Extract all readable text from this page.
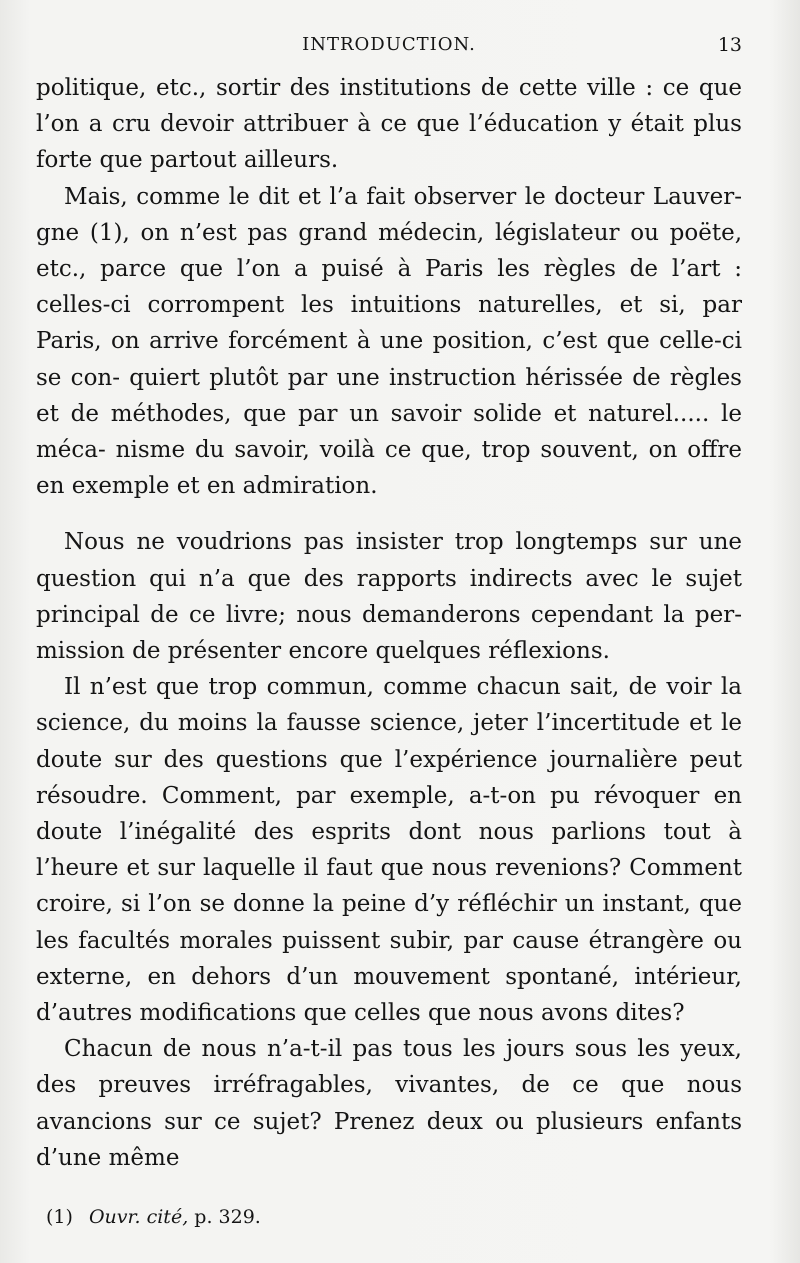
INTRODUCTION.	13

politique, etc., sortir des institutions de cette ville : ce que l’on a cru devoir attribuer à ce que l’éducation y était plus forte que partout ailleurs.

Mais, comme le dit et l’a fait observer le docteur Lauver- gne (1), on n’est pas grand médecin, législateur ou poëte, etc., parce que l’on a puisé à Paris les règles de l’art : celles-ci corrompent les intuitions naturelles, et si, par Paris, on arrive forcément à une position, c’est que celle-ci se con- quiert plutôt par une instruction hérissée de règles et de méthodes, que par un savoir solide et naturel..... le méca- nisme du savoir, voilà ce que, trop souvent, on offre en exemple et en admiration.

Nous ne voudrions pas insister trop longtemps sur une question qui n’a que des rapports indirects avec le sujet principal de ce livre; nous demanderons cependant la per- mission de présenter encore quelques réflexions.

Il n’est que trop commun, comme chacun sait, de voir la science, du moins la fausse science, jeter l’incertitude et le doute sur des questions que l’expérience journalière peut résoudre. Comment, par exemple, a-t-on pu révoquer en doute l’inégalité des esprits dont nous parlions tout à l’heure et sur laquelle il faut que nous revenions? Comment croire, si l’on se donne la peine d’y réfléchir un instant, que les facultés morales puissent subir, par cause étrangère ou externe, en dehors d’un mouvement spontané, intérieur, d’autres modifications que celles que nous avons dites?

Chacun de nous n’a-t-il pas tous les jours sous les yeux, des preuves irréfragables, vivantes, de ce que nous avancions sur ce sujet? Prenez deux ou plusieurs enfants d’une même

(1) Ouvr. cité, p. 329.
